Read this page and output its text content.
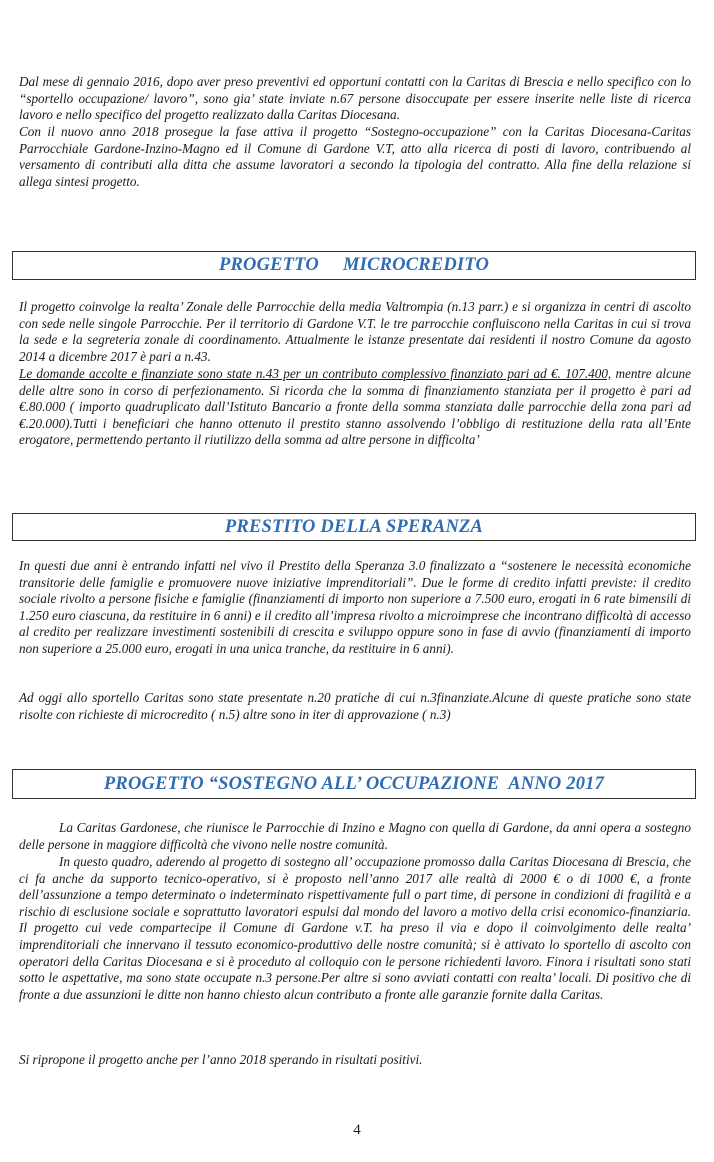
Dal mese di gennaio 2016, dopo aver preso preventivi ed opportuni contatti con la Caritas di Brescia e nello specifico con lo “sportello occupazione/ lavoro”, sono gia’ state inviate n.67 persone disoccupate per essere inserite nelle liste di ricerca lavoro e nello specifico del progetto realizzato dalla Caritas Diocesana.

Con il nuovo anno 2018 prosegue la fase attiva il progetto “Sostegno-occupazione” con la Caritas Diocesana-Caritas Parrocchiale Gardone-Inzino-Magno ed il Comune di Gardone V.T, atto alla ricerca di posti di lavoro, contribuendo al versamento di contributi alla ditta che assume lavoratori a secondo la tipologia del contratto. Alla fine della relazione si allega sintesi progetto.

PROGETTO     MICROCREDITO

Il progetto coinvolge la realta’ Zonale delle Parrocchie della media Valtrompia (n.13 parr.) e si organizza in centri di ascolto con sede nelle singole Parrocchie. Per il territorio di Gardone V.T. le tre parrocchie confluiscono nella Caritas in cui si trova la sede e la segreteria zonale di coordinamento. Attualmente le istanze presentate dai residenti il nostro Comune da agosto 2014 a dicembre 2017 è pari a n.43.

Le domande accolte e finanziate sono state n.43 per un contributo complessivo finanziato pari ad €. 107.400, mentre alcune delle altre sono in corso di perfezionamento. Si ricorda che la somma di finanziamento stanziata per il progetto è pari ad €.80.000 ( importo quadruplicato dall’Istituto Bancario a fronte della somma stanziata dalle parrocchie della zona pari ad €.20.000).Tutti i beneficiari che hanno ottenuto il prestito stanno assolvendo l’obbligo di restituzione della rata all’Ente erogatore, permettendo pertanto il riutilizzo della somma ad altre persone in difficolta’

PRESTITO DELLA SPERANZA

In questi due anni è entrando infatti nel vivo il Prestito della Speranza 3.0 finalizzato a “sostenere le necessità economiche transitorie delle famiglie e promuovere nuove iniziative imprenditoriali”. Due le forme di credito infatti previste: il credito sociale rivolto a persone fisiche e famiglie (finanziamenti di importo non superiore a 7.500 euro, erogati in 6 rate bimensili di 1.250 euro ciascuna, da restituire in 6 anni) e il credito all’impresa rivolto a microimprese che incontrano difficoltà di accesso al credito per realizzare investimenti sostenibili di crescita e sviluppo oppure sono in fase di avvio (finanziamenti di importo non superiore a 25.000 euro, erogati in una unica tranche, da restituire in 6 anni).

Ad oggi allo sportello Caritas sono state presentate n.20 pratiche di cui n.3finanziate.Alcune di queste pratiche sono state risolte con richieste di microcredito ( n.5) altre sono in iter di approvazione ( n.3)

PROGETTO “SOSTEGNO ALL’ OCCUPAZIONE  ANNO 2017

La Caritas Gardonese, che riunisce le Parrocchie di Inzino e Magno con quella di Gardone, da anni opera a sostegno delle persone in maggiore difficoltà che vivono nelle nostre comunità.

In questo quadro, aderendo al progetto di sostegno all’ occupazione promosso dalla Caritas Diocesana di Brescia, che ci fa anche da supporto tecnico-operativo, si è proposto nell’anno 2017 alle realtà di 2000 € o di 1000 €, a fronte dell’assunzione a tempo determinato o indeterminato rispettivamente full o part time, di persone in condizioni di fragilità e a rischio di esclusione sociale e soprattutto lavoratori espulsi dal mondo del lavoro a motivo della crisi economico-finanziaria. Il progetto cui vede compartecipe il Comune di Gardone v.T. ha preso il via e dopo il coinvolgimento delle realta’ imprenditoriali che innervano il tessuto economico-produttivo delle nostre comunità; si è attivato lo sportello di ascolto con operatori della Caritas Diocesana e si è proceduto al colloquio con le persone richiedenti lavoro. Finora i risultati sono stati sotto le aspettative, ma sono state occupate n.3 persone.Per altre si sono avviati contatti con realta’ locali. Di positivo che di fronte a due assunzioni le ditte non hanno chiesto alcun contributo a fronte alle garanzie fornite dalla Caritas.

Si ripropone il progetto anche per l’anno 2018 sperando in risultati positivi.

4
